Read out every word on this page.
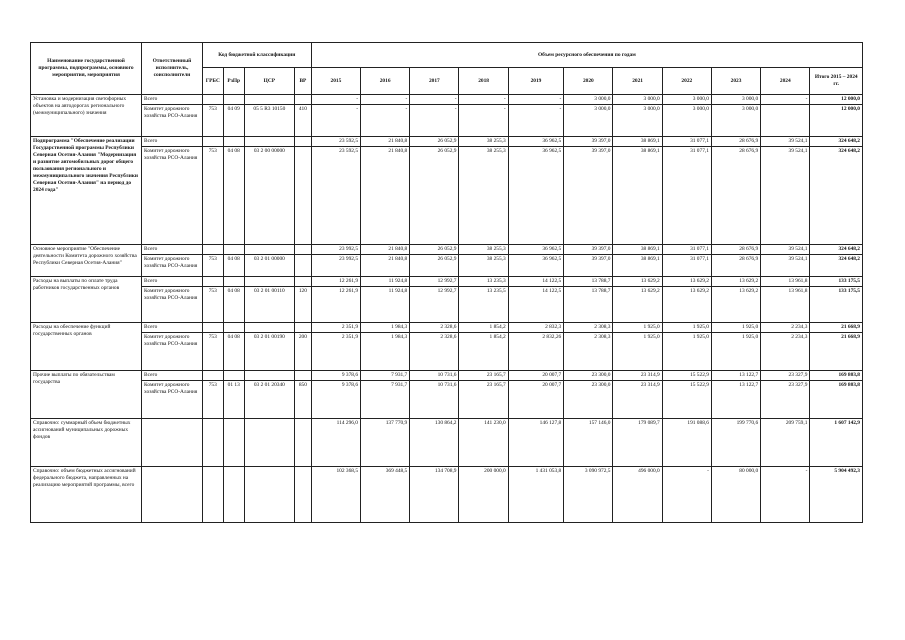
Наименование государственной программы, подпрограммы, основного мероприятия, мероприятия	Ответственный исполнитель, соисполнители	Код бюджетной классификации				Объем ресурсного обеспечения по годам										
		ГРБС	РзПр	ЦСР	ВР	2015	2016	2017	2018	2019	2020	2021	2022	2023	2024	Итого 2015 – 2024 гг.
Установка и модернизация светофорных объектов на автодорогах регионального (межмуниципального) значения	Всего					-	-	-	-	-	3 000,0	3 000,0	3 000,0	3 000,0	-	12 000,0
	Комитет дорожного хозяйства РСО-Алания	753	04 09	05 5 R3 10150	410	-	-	-	-	-	3 000,0	3 000,0	3 000,0	3 000,0		12 000,0
Подпрограмма "Обеспечение реализации Государственной программы Республики Северная Осетия-Алания "Модернизация и развитие автомобильных дорог общего пользования регионального и межмуниципального значения Республики Северная Осетия-Алания" на период до 2024 года"	Всего					23 592,5	21 840,8	26 052,9	38 255,3	36 962,5	39 397,0	38 869,1	31 077,1	28 676,9	39 524,1	324 648,2
	Комитет дорожного хозяйства РСО-Алания	753	04 08	03 2 00 00000		23 592,5	21 840,8	26 052,9	38 255,3	36 962,5	39 397,0	38 869,1	31 077,1	28 676,9	39 524,1	324 648,2
Основное мероприятие "Обеспечение деятельности Комитета дорожного хозяйства Республики Северная Осетия-Алания"	Всего					23 992,5	21 840,8	26 052,9	38 255,3	36 962,5	39 397,0	38 869,1	31 077,1	28 676,9	39 524,1	324 648,2
	Комитет дорожного хозяйства РСО-Алания	753	04 08	03 2 01 00000		23 992,5	21 840,8	26 052,9	38 255,3	36 962,5	39 397,0	38 869,1	31 077,1	28 676,9	39 524,1	324 648,2
Расходы на выплаты по оплате труда работников государственных органов	Всего					12 261,9	11 924,8	12 992,7	13 235,3	14 122,5	13 788,7	13 629,2	13 629,2	13 629,2	13 961,8	133 175,5
	Комитет дорожного хозяйства РСО-Алания	753	04 08	03 2 01 00110	120	12 261,9	11 924,8	12 992,7	13 235,5	14 122,5	13 788,7	13 629,2	13 629,2	13 629,2	13 961,8	133 175,5
Расходы на обеспечение функций государственных органов	Всего					2 351,9	1 984,3	2 328,6	1 854,2	2 832,3	2 308,3	1 925,0	1 925,0	1 925,0	2 234,3	21 668,9
	Комитет дорожного хозяйства РСО-Алания	753	04 08	03 2 01 00190	200	2 351,9	1 984,3	2 328,6	1 854,2	2 832,26	2 308,3	1 925,0	1 925,0	1 925,0	2 234,3	21 668,9
Прочие выплаты по обязательствам государства	Всего					9 378,6	7 931,7	10 731,6	23 165,7	20 007,7	23 300,0	23 314,9	15 522,9	13 122,7	23 327,9	169 803,8
	Комитет дорожного хозяйства РСО-Алания	753	01 13	03 2 01 20340	850	9 378,6	7 931,7	10 731,6	23 165,7	20 007,7	23 300,0	23 314,9	15 522,9	13 122,7	23 327,9	169 803,8
Справочно: суммарный объем бюджетных ассигнований муниципальных дорожных фондов						114 296,0	137 770,9	130 864,2	141 230,0	146 127,8	157 146,0	179 089,7	191 088,6	199 770,6	209 759,1	1 607 142,9
Справочно: объем бюджетных ассигнований федерального бюджета, направленных на реализацию мероприятий программы, всего						102 368,5	369 448,5	134 708,9	200 000,0	1 431 053,8	3 090 972,5	496 000,0	-	80 000,0	-	5 904 492,3
